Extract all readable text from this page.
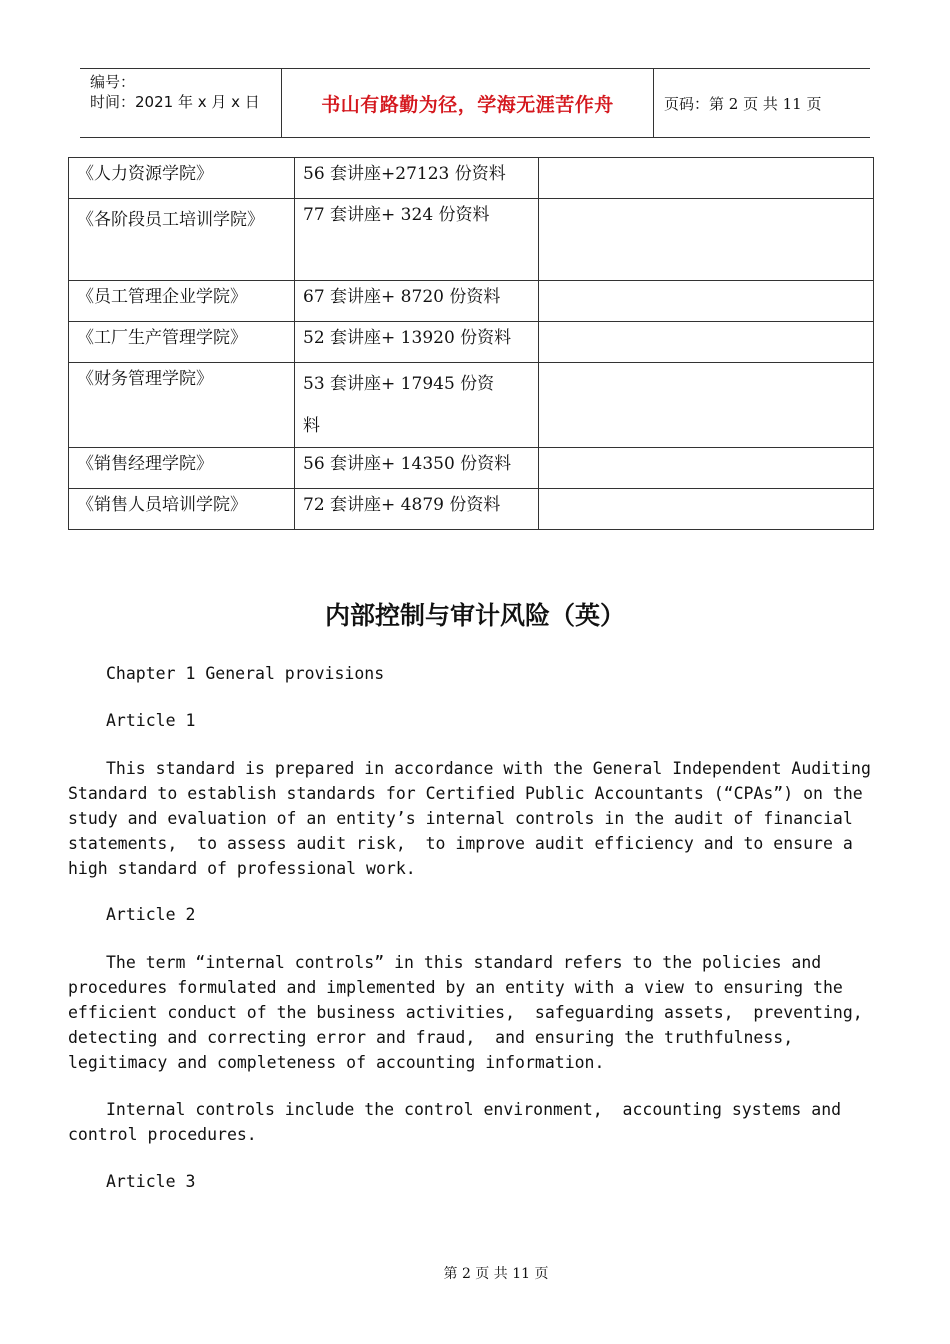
编号：
时间：2021 年 x 月 x 日	书山有路勤为径，学海无涯苦作舟	页码：第 2 页 共 11 页
《人力资源学院》	56 套讲座+27123 份资料	

《各阶段员工培训学院》	77 套讲座+ 324 份资料	
《员工管理企业学院》	67 套讲座+ 8720 份资料	
《工厂生产管理学院》	52 套讲座+ 13920 份资料	
《财务管理学院》	53 套讲座+ 17945 份资料	

《销售经理学院》	56 套讲座+ 14350 份资料	
《销售人员培训学院》	72 套讲座+ 4879 份资料	
内部控制与审计风险（英）

Chapter 1 General provisions

Article 1

This standard is prepared in accordance with the General Independent Auditing Standard to establish standards for Certified Public Accountants (“CPAs”) on the study and evaluation of an entity’s internal controls in the audit of financial statements,  to assess audit risk,  to improve audit efficiency and to ensure a high standard of professional work.

Article 2

The term “internal controls” in this standard refers to the policies and procedures formulated and implemented by an entity with a view to ensuring the efficient conduct of the business activities,  safeguarding assets,  preventing, detecting and correcting error and fraud,  and ensuring the truthfulness,  legitimacy and completeness of accounting information.

Internal controls include the control environment,  accounting systems and control procedures.

Article 3

第 2 页 共 11 页
